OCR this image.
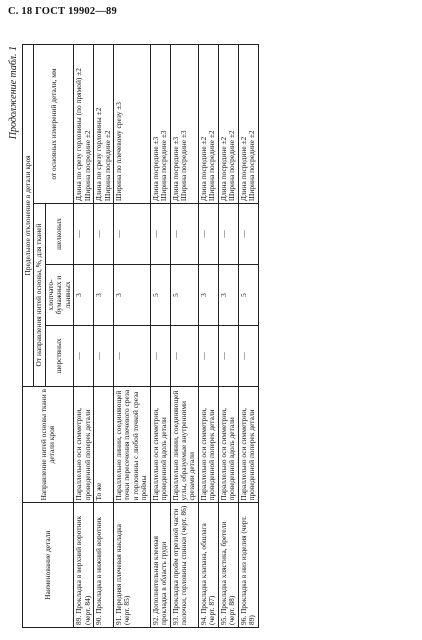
С. 18 ГОСТ 19902—89
Продолжение табл. 1
Наименование детали	Направление нитей основы ткани в детали кроя	Предельное отклонение в детали кроя			
		От направления нитей основы, %, для тканей			от основных измерений детали, мм
		шерстяных	хлопчато-бумажных и льняных	шелковых	
89. Прокладка в верхний воротник (черт. 84)	Параллельно оси симметрии, проведенной поперек детали	—	3	—	Длина по срезу горловины (по прямой) ±2 Ширина посредине ±2

90. Прокладка в нижний воротник	То же	—	3	—	Длина по срезу горловины ±2 Ширина посредине ±2

91. Передняя плечевая накладка (черт. 85)	Параллельно линии, соединяющей точки пересечения плечевого среза и горловины с любой точкой среза проймы	—	3	—	Ширина по плечевому срезу ±3

92. Дополнительная клеевая прокладка в область груди	Параллельно оси симметрии, проведенной вдоль детали	—	5	—	Длина посредине ±3 Ширина посредине ±3

93. Прокладка пройм отрезной части полочки, горловины спинки (черт. 86)	Параллельно линии, соединяющей углы, образуемые внутренними срезами детали	—	5	—	Длина посредине ±3 Ширина посредине ±3

94. Прокладка клапана, обшлага (черт. 87)	Параллельно оси симметрии, проведенной поперек детали	—	3	—	Длина посредине ±2 Ширина посредине ±2

95. Прокладка хлястика, бретели (черт. 88)	Параллельно оси симметрии, проведенной вдоль детали	—	3	—	Длина посредине ±2 Ширина посредине ±2

96. Прокладка в низ изделия (черт. 89)	Параллельно оси симметрии, проведенной поперек детали	—	5	—	Длина посредине ±2 Ширина посредине ±2
